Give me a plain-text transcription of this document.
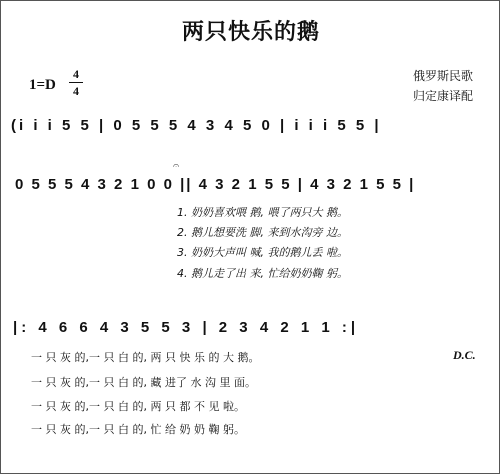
两只快乐的鹅
1=D
4
4
俄罗斯民歌
归定康译配
(i i i 5 5 | 0 5 5 5 4 3 4 5 0 | i i i 5 5 |
𝄐
0 5 5 5 4 3 2 1 0 0 || 4 3 2 1 5 5 | 4 3 2 1 5 5 |
1. 奶奶喜欢喂 鹅, 喂了两只大 鹅。
2. 鹅儿想要洗 脚, 来到水沟旁 边。
3. 奶奶大声叫 喊, 我的鹅儿丢 啦。
4. 鹅儿走了出 来, 忙给奶奶鞠 躬。
|: 4 6 6 4 3 5 5 3 | 2 3 4 2 1 1 :|
一 只 灰 的,一 只 白 的, 两 只 快 乐 的 大 鹅。	D.C.
一 只 灰 的,一 只 白 的, 藏 进了 水 沟 里 面。
一 只 灰 的,一 只 白 的, 两 只 都 不 见 啦。
一 只 灰 的,一 只 白 的, 忙 给 奶 奶 鞠 躬。
